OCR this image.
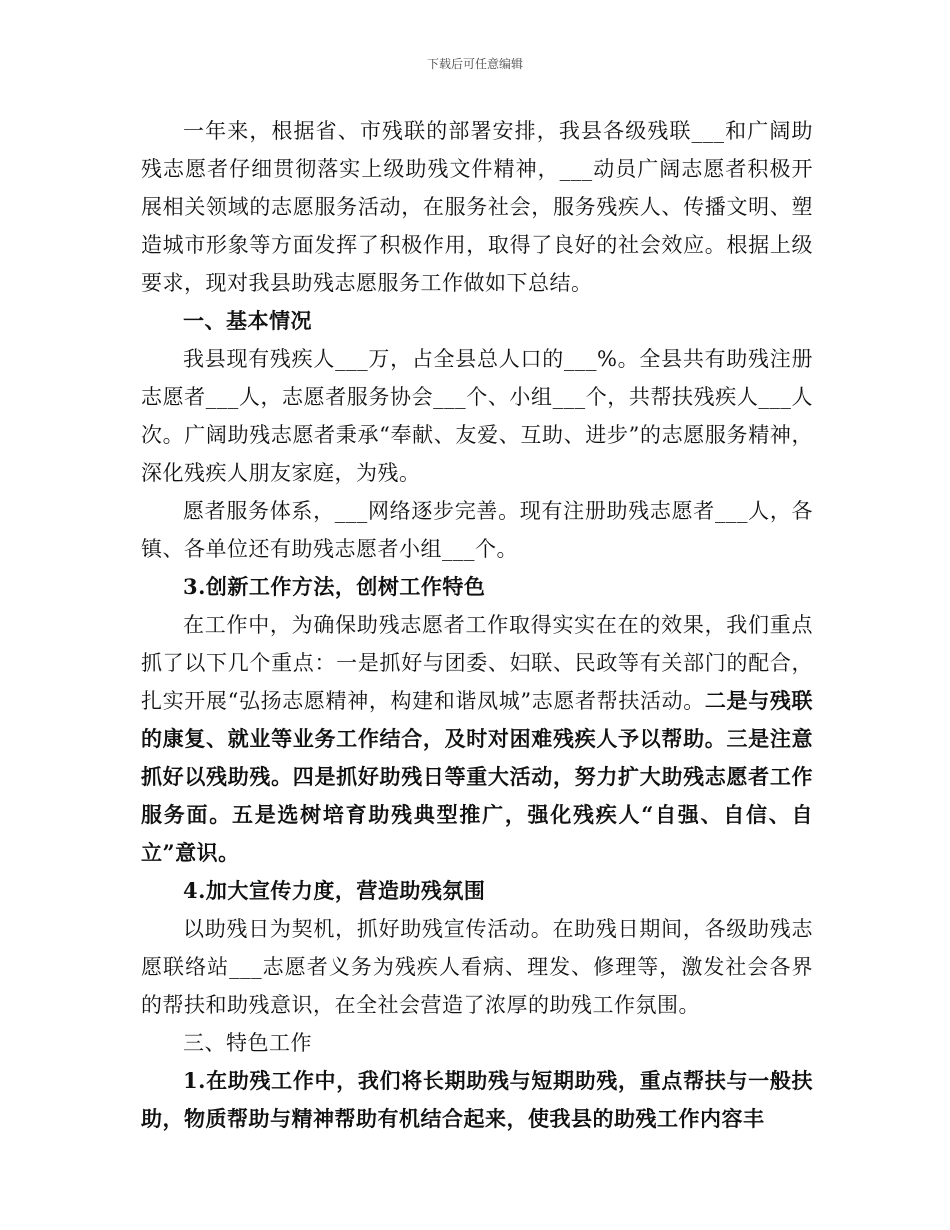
下载后可任意编辑

一年来，根据省、市残联的部署安排，我县各级残联___和广阔助残志愿者仔细贯彻落实上级助残文件精神，___动员广阔志愿者积极开展相关领域的志愿服务活动，在服务社会，服务残疾人、传播文明、塑造城市形象等方面发挥了积极作用，取得了良好的社会效应。根据上级要求，现对我县助残志愿服务工作做如下总结。

一、基本情况

我县现有残疾人___万，占全县总人口的___%。全县共有助残注册志愿者___人，志愿者服务协会___个、小组___个，共帮扶残疾人___人次。广阔助残志愿者秉承“奉献、友爱、互助、进步”的志愿服务精神，深化残疾人朋友家庭，为残。

愿者服务体系，___网络逐步完善。现有注册助残志愿者___人，各镇、各单位还有助残志愿者小组___个。

3.创新工作方法，创树工作特色

在工作中，为确保助残志愿者工作取得实实在在的效果，我们重点抓了以下几个重点：一是抓好与团委、妇联、民政等有关部门的配合，扎实开展“弘扬志愿精神，构建和谐凤城”志愿者帮扶活动。二是与残联的康复、就业等业务工作结合，及时对困难残疾人予以帮助。三是注意抓好以残助残。四是抓好助残日等重大活动，努力扩大助残志愿者工作服务面。五是选树培育助残典型推广，强化残疾人“自强、自信、自立”意识。

4.加大宣传力度，营造助残氛围

以助残日为契机，抓好助残宣传活动。在助残日期间，各级助残志愿联络站___志愿者义务为残疾人看病、理发、修理等，激发社会各界的帮扶和助残意识，在全社会营造了浓厚的助残工作氛围。

三、特色工作

1.在助残工作中，我们将长期助残与短期助残，重点帮扶与一般扶助，物质帮助与精神帮助有机结合起来，使我县的助残工作内容丰
